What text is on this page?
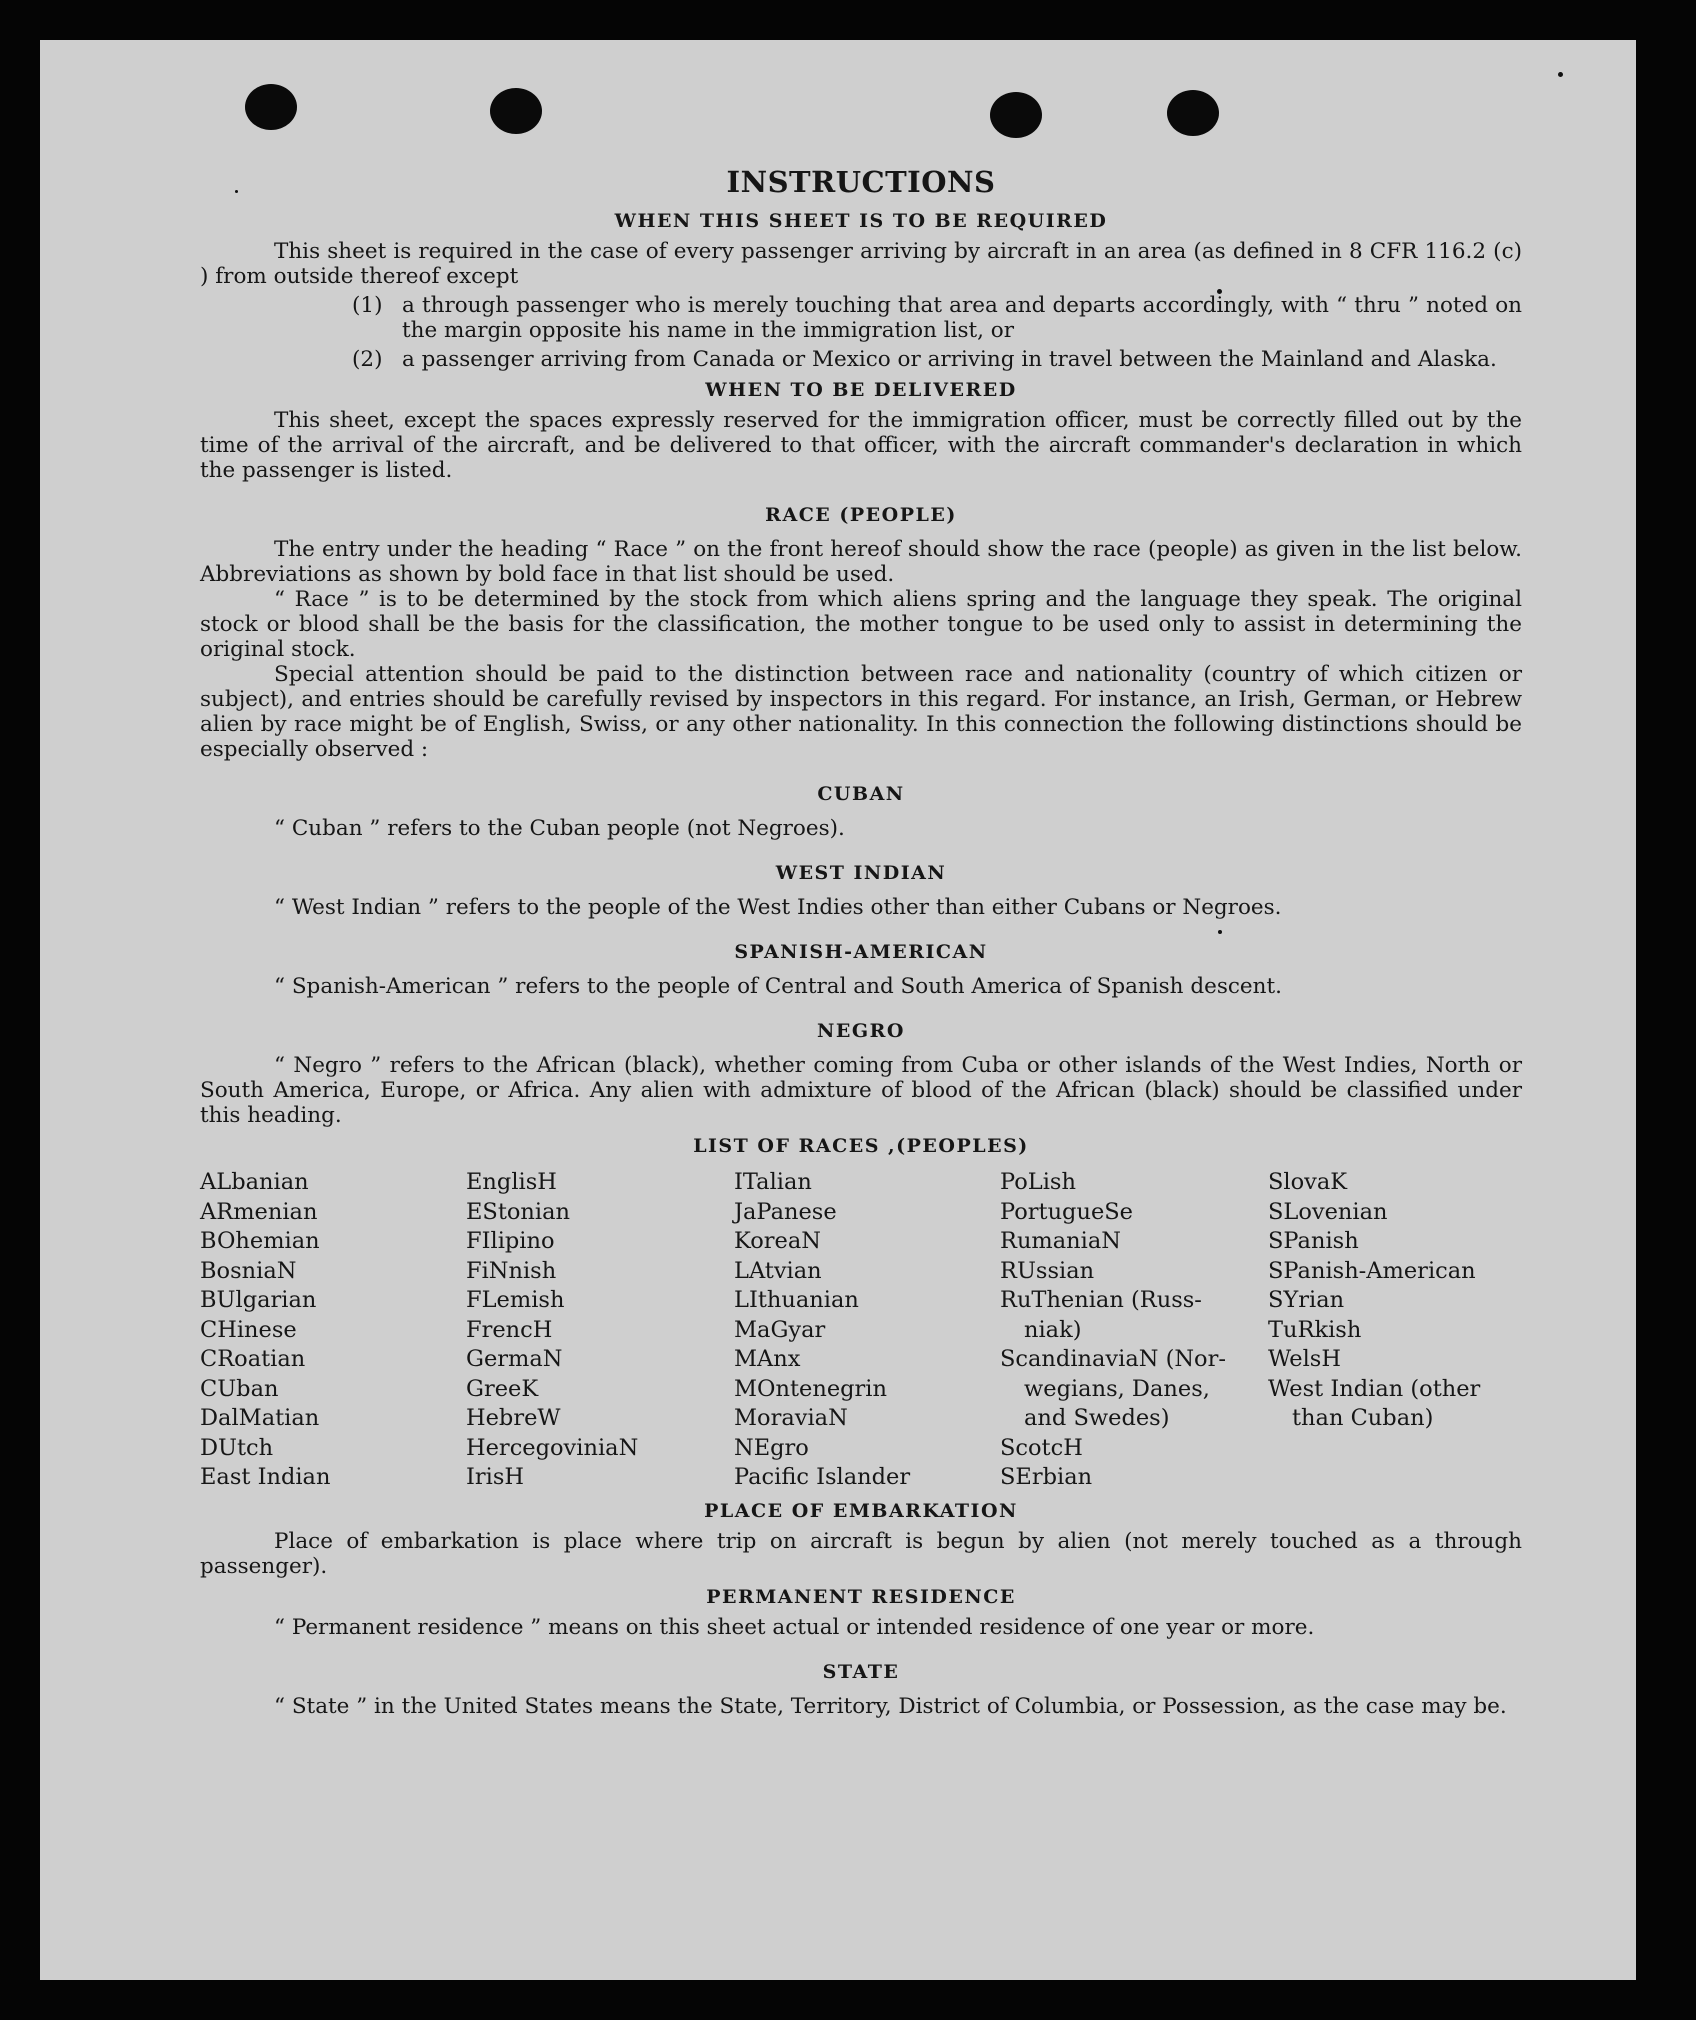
INSTRUCTIONS
WHEN THIS SHEET IS TO BE REQUIRED

This sheet is required in the case of every passenger arriving by aircraft in an area (as defined in 8 CFR 116.2 (c) ) from outside thereof except

(1) a through passenger who is merely touching that area and departs accordingly, with “ thru ” noted on the margin opposite his name in the immigration list, or
(2) a passenger arriving from Canada or Mexico or arriving in travel between the Mainland and Alaska.
WHEN TO BE DELIVERED

This sheet, except the spaces expressly reserved for the immigration officer, must be correctly filled out by the time of the arrival of the aircraft, and be delivered to that officer, with the aircraft commander's declaration in which the passenger is listed.

RACE (PEOPLE)

The entry under the heading “ Race ” on the front hereof should show the race (people) as given in the list below. Abbreviations as shown by bold face in that list should be used.

“ Race ” is to be determined by the stock from which aliens spring and the language they speak. The original stock or blood shall be the basis for the classification, the mother tongue to be used only to assist in determining the original stock.

Special attention should be paid to the distinction between race and nationality (country of which citizen or subject), and entries should be carefully revised by inspectors in this regard. For instance, an Irish, German, or Hebrew alien by race might be of English, Swiss, or any other nationality. In this connection the following distinctions should be especially observed :

CUBAN

“ Cuban ” refers to the Cuban people (not Negroes).

WEST INDIAN

“ West Indian ” refers to the people of the West Indies other than either Cubans or Negroes.

SPANISH-AMERICAN

“ Spanish-American ” refers to the people of Central and South America of Spanish descent.

NEGRO

“ Negro ” refers to the African (black), whether coming from Cuba or other islands of the West Indies, North or South America, Europe, or Africa. Any alien with admixture of blood of the African (black) should be classified under this heading.

LIST OF RACES ,(PEOPLES)
ALbanian
ARmenian
BOhemian
BosniaN
BUlgarian
CHinese
CRoatian
CUban
DalMatian
DUtch
East Indian
EnglisH
EStonian
FIlipino
FiNnish
FLemish
FrencH
GermaN
GreeK
HebreW
HercegoviniaN
IrisH
ITalian
JaPanese
KoreaN
LAtvian
LIthuanian
MaGyar
MAnx
MOntenegrin
MoraviaN
NEgro
Pacific Islander
PoLish
PortugueSe
RumaniaN
RUssian
RuThenian (Russ-
niak)
ScandinaviaN (Nor-
wegians, Danes,
and Swedes)
ScotcH
SErbian
SlovaK
SLovenian
SPanish
SPanish-American
SYrian
TuRkish
WelsH
West Indian (other
than Cuban)
PLACE OF EMBARKATION

Place of embarkation is place where trip on aircraft is begun by alien (not merely touched as a through passenger).

PERMANENT RESIDENCE

“ Permanent residence ” means on this sheet actual or intended residence of one year or more.

STATE

“ State ” in the United States means the State, Territory, District of Columbia, or Possession, as the case may be.
